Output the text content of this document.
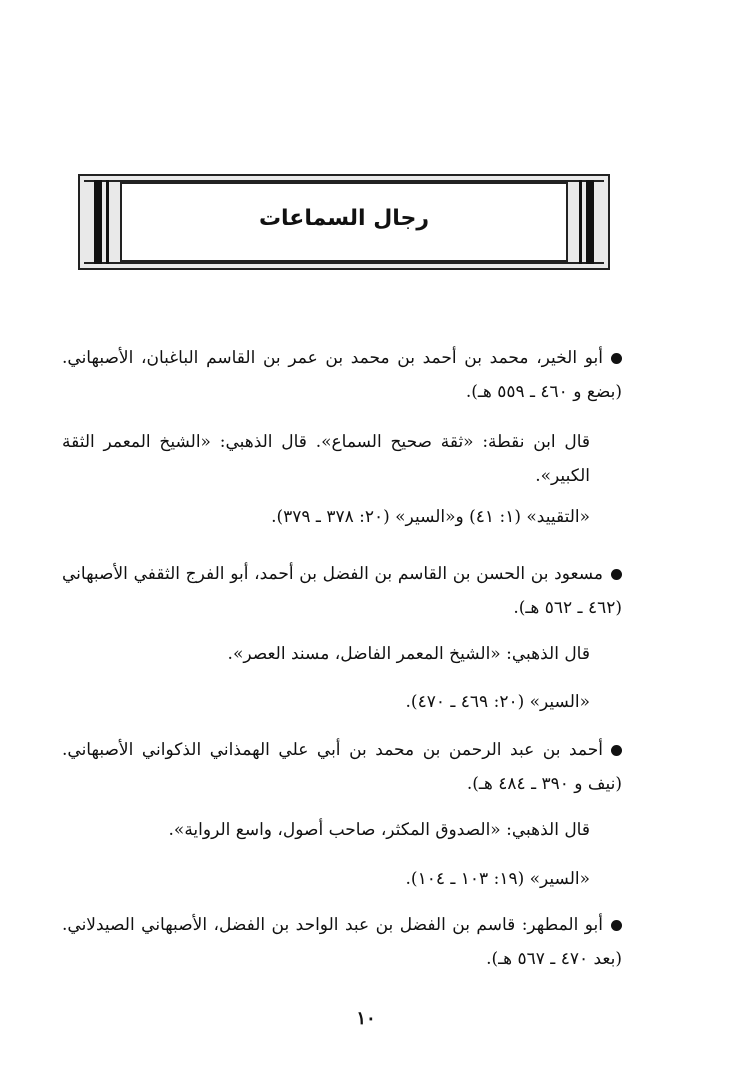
رجال السماعات

أبو الخير، محمد بن أحمد بن محمد بن عمر بن القاسم الباغبان، الأصبهاني. (بضع و ٤٦٠ ـ ٥٥٩ هـ).

قال ابن نقطة: «ثقة صحيح السماع». قال الذهبي: «الشيخ المعمر الثقة الكبير».

«التقييد» (١: ٤١) و«السير» (٢٠: ٣٧٨ ـ ٣٧٩).

مسعود بن الحسن بن القاسم بن الفضل بن أحمد، أبو الفرج الثقفي الأصبهاني (٤٦٢ ـ ٥٦٢ هـ).

قال الذهبي: «الشيخ المعمر الفاضل، مسند العصر».

«السير» (٢٠: ٤٦٩ ـ ٤٧٠).

أحمد بن عبد الرحمن بن محمد بن أبي علي الهمذاني الذكواني الأصبهاني. (نيف و ٣٩٠ ـ ٤٨٤ هـ).

قال الذهبي: «الصدوق المكثر، صاحب أصول، واسع الرواية».

«السير» (١٩: ١٠٣ ـ ١٠٤).

أبو المطهر: قاسم بن الفضل بن عبد الواحد بن الفضل، الأصبهاني الصيدلاني. (بعد ٤٧٠ ـ ٥٦٧ هـ).

١٠
